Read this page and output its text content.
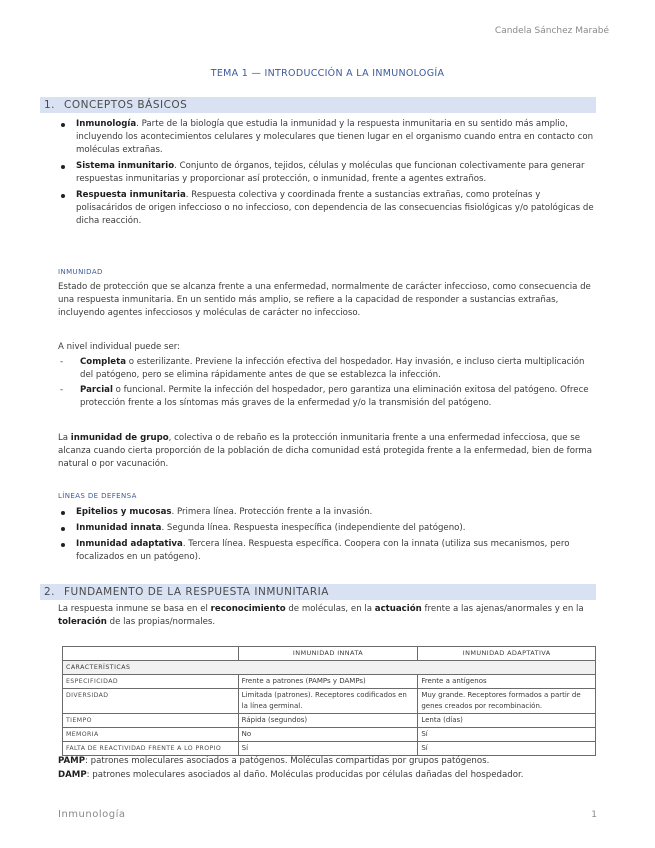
Candela Sánchez Marabé
TEMA 1 — INTRODUCCIÓN A LA INMUNOLOGÍA
1. CONCEPTOS BÁSICOS
Inmunología. Parte de la biología que estudia la inmunidad y la respuesta inmunitaria en su sentido más amplio, incluyendo los acontecimientos celulares y moleculares que tienen lugar en el organismo cuando entra en contacto con moléculas extrañas.
Sistema inmunitario. Conjunto de órganos, tejidos, células y moléculas que funcionan colectivamente para generar respuestas inmunitarias y proporcionar así protección, o inmunidad, frente a agentes extraños.
Respuesta inmunitaria. Respuesta colectiva y coordinada frente a sustancias extrañas, como proteínas y polisacáridos de origen infeccioso o no infeccioso, con dependencia de las consecuencias fisiológicas y/o patológicas de dicha reacción.
INMUNIDAD
Estado de protección que se alcanza frente a una enfermedad, normalmente de carácter infeccioso, como consecuencia de una respuesta inmunitaria. En un sentido más amplio, se refiere a la capacidad de responder a sustancias extrañas, incluyendo agentes infecciosos y moléculas de carácter no infeccioso.
A nivel individual puede ser:
- Completa o esterilizante. Previene la infección efectiva del hospedador. Hay invasión, e incluso cierta multiplicación del patógeno, pero se elimina rápidamente antes de que se establezca la infección.
- Parcial o funcional. Permite la infección del hospedador, pero garantiza una eliminación exitosa del patógeno. Ofrece protección frente a los síntomas más graves de la enfermedad y/o la transmisión del patógeno.
La inmunidad de grupo, colectiva o de rebaño es la protección inmunitaria frente a una enfermedad infecciosa, que se alcanza cuando cierta proporción de la población de dicha comunidad está protegida frente a la enfermedad, bien de forma natural o por vacunación.
LÍNEAS DE DEFENSA
Epitelios y mucosas. Primera línea. Protección frente a la invasión.
Inmunidad innata. Segunda línea. Respuesta inespecífica (independiente del patógeno).
Inmunidad adaptativa. Tercera línea. Respuesta específica. Coopera con la innata (utiliza sus mecanismos, pero focalizados en un patógeno).
2. FUNDAMENTO DE LA RESPUESTA INMUNITARIA
La respuesta inmune se basa en el reconocimiento de moléculas, en la actuación frente a las ajenas/anormales y en la toleración de las propias/normales.
	INMUNIDAD INNATA	INMUNIDAD ADAPTATIVA
CARACTERÍSTICAS		
ESPECIFICIDAD	Frente a patrones (PAMPs y DAMPs)	Frente a antígenos
DIVERSIDAD	Limitada (patrones). Receptores codificados en la línea germinal.	Muy grande. Receptores formados a partir de genes creados por recombinación.
TIEMPO	Rápida (segundos)	Lenta (días)
MEMORIA	No	Sí
FALTA DE REACTIVIDAD FRENTE A LO PROPIO	Sí	Sí
PAMP: patrones moleculares asociados a patógenos. Moléculas compartidas por grupos patógenos.
DAMP: patrones moleculares asociados al daño. Moléculas producidas por células dañadas del hospedador.
Inmunología	1
